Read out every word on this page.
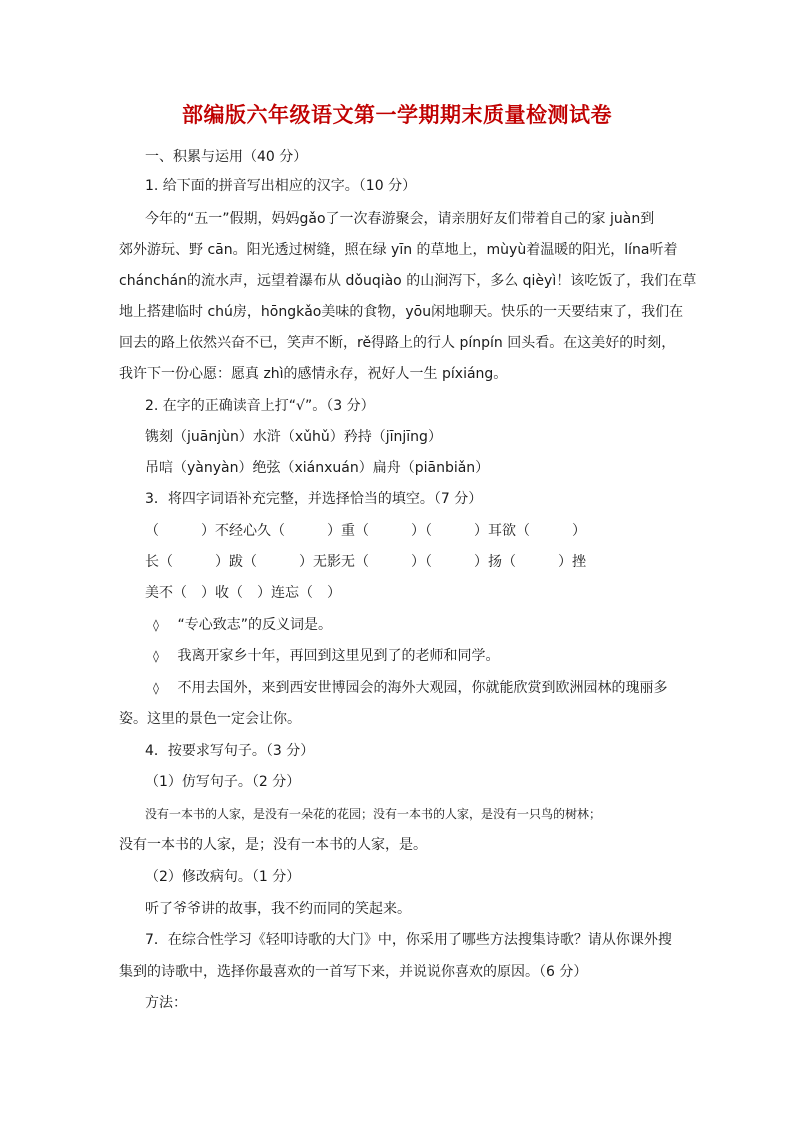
部编版六年级语文第一学期期末质量检测试卷
一、积累与运用（40 分）
1. 给下面的拼音写出相应的汉字。（10 分）
今年的“五一”假期，妈妈gǎo了一次春游聚会，请亲朋好友们带着自己的家 juàn到
郊外游玩、野 cān。阳光透过树缝，照在绿 yīn 的草地上，mùyù着温暖的阳光，lína听着
chánchán的流水声，远望着瀑布从 dǒuqiào 的山涧泻下，多么 qièyì！该吃饭了，我们在草
地上搭建临时 chú房，hōngkǎo美味的食物，yōu闲地聊天。快乐的一天要结束了，我们在
回去的路上依然兴奋不已，笑声不断，rě得路上的行人 pínpín 回头看。在这美好的时刻，
我许下一份心愿：愿真 zhì的感情永存，祝好人一生 píxiáng。
2. 在字的正确读音上打“√”。（3 分）
镌刻（juānjùn）水浒（xǔhǔ）矜持（jīnjīng）
吊唁（yànyàn）绝弦（xiánxuán）扁舟（piānbiǎn）
3．将四字词语补充完整，并选择恰当的填空。（7 分）
（　　　）不经心久（　　　）重（　　　）（　　　）耳欲（　　　）
长（　　　）跋（　　　）无影无（　　　）（　　　）扬（　　　）挫
美不（　）收（　）连忘（　）
◊ “专心致志”的反义词是。
◊ 我离开家乡十年，再回到这里见到了的老师和同学。
◊ 不用去国外，来到西安世博园会的海外大观园，你就能欣赏到欧洲园林的瑰丽多
姿。这里的景色一定会让你。
4．按要求写句子。（3 分）
（1）仿写句子。（2 分）
没有一本书的人家，是没有一朵花的花园；没有一本书的人家，是没有一只鸟的树林；
没有一本书的人家，是；没有一本书的人家，是。
（2）修改病句。（1 分）
听了爷爷讲的故事，我不约而同的笑起来。
7．在综合性学习《轻叩诗歌的大门》中，你采用了哪些方法搜集诗歌？请从你课外搜
集到的诗歌中，选择你最喜欢的一首写下来，并说说你喜欢的原因。（6 分）
方法：
